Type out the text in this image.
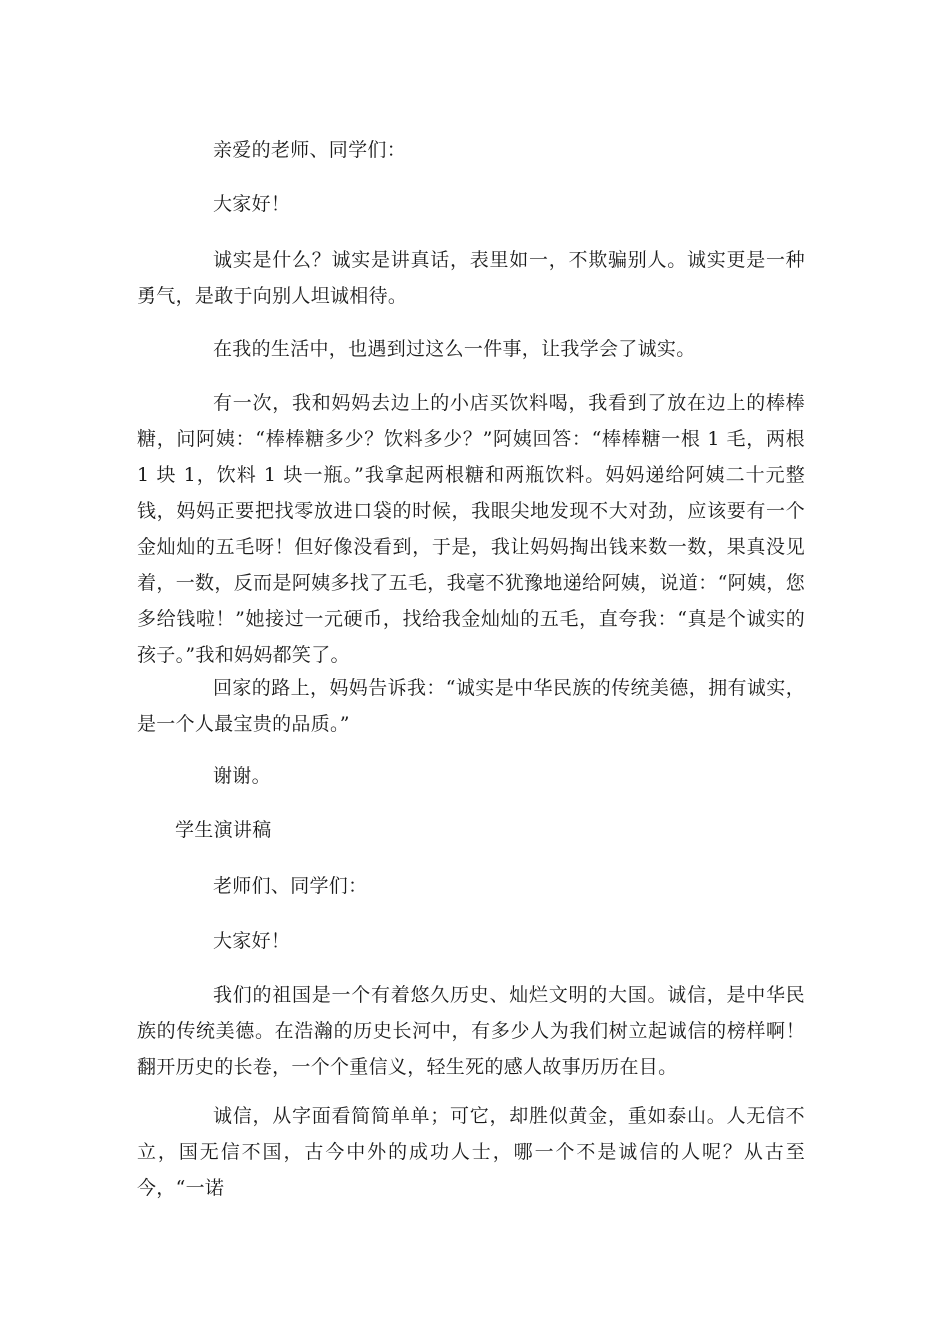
亲爱的老师、同学们：

大家好！

诚实是什么？诚实是讲真话，表里如一，不欺骗别人。诚实更是一种勇气，是敢于向别人坦诚相待。

在我的生活中，也遇到过这么一件事，让我学会了诚实。

有一次，我和妈妈去边上的小店买饮料喝，我看到了放在边上的棒棒糖，问阿姨：“棒棒糖多少？饮料多少？”阿姨回答：“棒棒糖一根 1 毛，两根 1 块 1，饮料 1 块一瓶。”我拿起两根糖和两瓶饮料。妈妈递给阿姨二十元整钱，妈妈正要把找零放进口袋的时候，我眼尖地发现不大对劲，应该要有一个金灿灿的五毛呀！但好像没看到，于是，我让妈妈掏出钱来数一数，果真没见着，一数，反而是阿姨多找了五毛，我毫不犹豫地递给阿姨，说道：“阿姨，您多给钱啦！”她接过一元硬币，找给我金灿灿的五毛，直夸我：“真是个诚实的孩子。”我和妈妈都笑了。

回家的路上，妈妈告诉我：“诚实是中华民族的传统美德，拥有诚实，是一个人最宝贵的品质。”

谢谢。

学生演讲稿

老师们、同学们：

大家好！

我们的祖国是一个有着悠久历史、灿烂文明的大国。诚信，是中华民族的传统美德。在浩瀚的历史长河中，有多少人为我们树立起诚信的榜样啊！翻开历史的长卷，一个个重信义，轻生死的感人故事历历在目。

诚信，从字面看简简单单；可它，却胜似黄金，重如泰山。人无信不立，国无信不国，古今中外的成功人士，哪一个不是诚信的人呢？从古至今，“一诺
